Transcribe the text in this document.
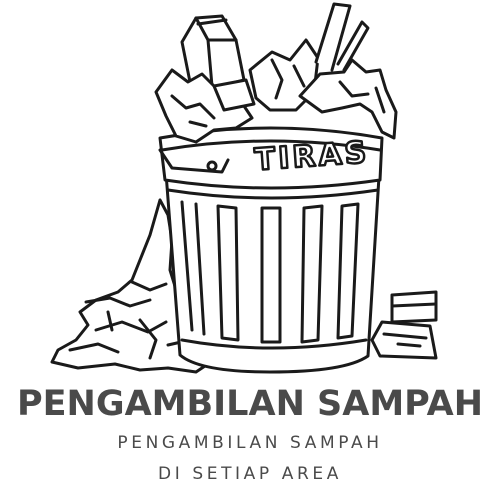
TIRAS
PENGAMBILAN SAMPAH
PENGAMBILAN SAMPAH
DI SETIAP AREA
